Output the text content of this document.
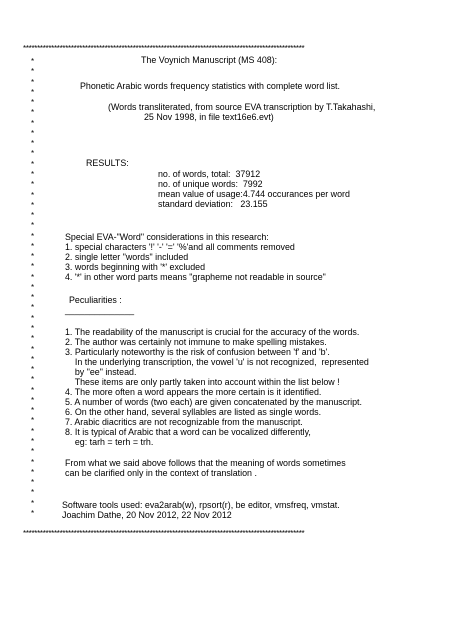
****************************************************************************************************
*
*
*
*
*
*
*
*
*
*
*
*
*
*
*
*
*
*
*
*
*
*
*
*
*
*
*
*
*
*
*
*
*
*
*
*
*
*
*
*
*
*
*
*
*
The Voynich Manuscript (MS 408):
Phonetic Arabic words frequency statistics with complete word list.
(Words transliterated, from source EVA transcription by T.Takahashi,
25 Nov 1998, in file text16e6.evt)
RESULTS:
no. of words, total:  37912
no. of unique words:  7992
mean value of usage:4.744 occurances per word
standard deviation:   23.155
Special EVA-"Word" considerations in this research:
1. special characters '!' '-' '=' '%'and all comments removed
2. single letter "words" included
3. words beginning with '*' excluded
4. '*' in other word parts means "grapheme not readable in source"
Peculiarities :
______________
1. The readability of the manuscript is crucial for the accuracy of the words.
2. The author was certainly not immune to make spelling mistakes.
3. Particularly noteworthy is the risk of confusion between 'f' and 'b'.
In the underlying transcription, the vowel 'u' is not recognized,  represented
by "ee" instead.
These items are only partly taken into account within the list below !
4. The more often a word appears the more certain is it identified.
5. A number of words (two each) are given concatenated by the manuscript.
6. On the other hand, several syllables are listed as single words.
7. Arabic diacritics are not recognizable from the manuscript.
8. It is typical of Arabic that a word can be vocalized differently,
eg: tarh = terh = trh.
From what we said above follows that the meaning of words sometimes
can be clarified only in the context of translation .
Software tools used: eva2arab(w), rpsort(r), be editor, vmsfreq, vmstat.
Joachim Dathe, 20 Nov 2012, 22 Nov 2012
****************************************************************************************************
